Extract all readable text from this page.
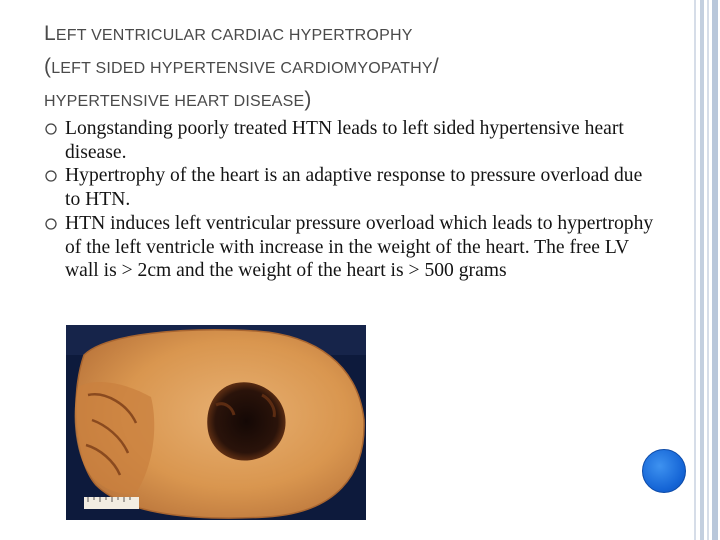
LEFT VENTRICULAR CARDIAC HYPERTROPHY
(LEFT SIDED HYPERTENSIVE CARDIOMYOPATHY/
HYPERTENSIVE HEART DISEASE)
Longstanding poorly treated HTN leads to left sided hypertensive heart disease.
Hypertrophy of the heart is an adaptive response to pressure overload due to HTN.
HTN induces left ventricular pressure overload which leads to hypertrophy of the left ventricle with increase in the weight of the heart. The free LV wall is > 2cm and the weight of the heart is > 500 grams
